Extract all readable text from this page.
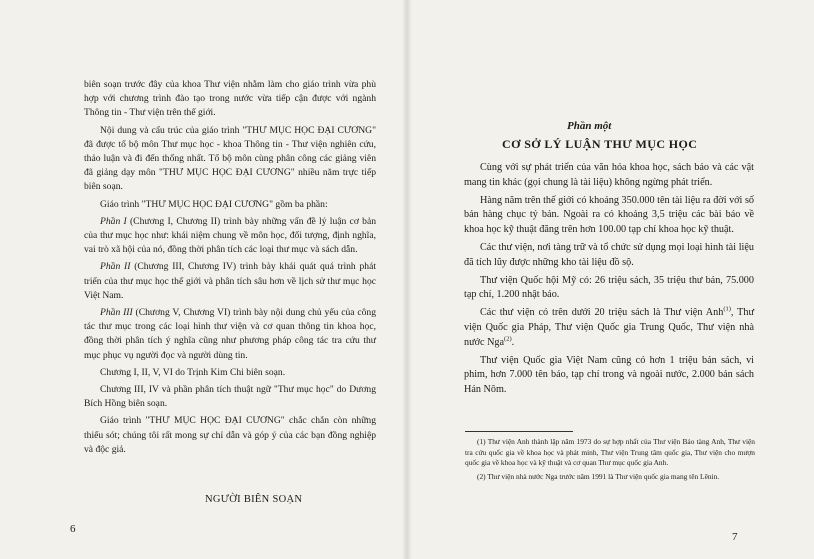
biên soạn trước đây của khoa Thư viện nhằm làm cho giáo trình vừa phù hợp với chương trình đào tạo trong nước vừa tiếp cận được với ngành Thông tin - Thư viện trên thế giới.

Nội dung và cấu trúc của giáo trình "THƯ MỤC HỌC ĐẠI CƯƠNG" đã được tổ bộ môn Thư mục học - khoa Thông tin - Thư viện nghiên cứu, thảo luận và đi đến thống nhất. Tổ bộ môn cùng phân công các giảng viên đã giảng dạy môn "THƯ MỤC HỌC ĐẠI CƯƠNG" nhiều năm trực tiếp biên soạn.

Giáo trình "THƯ MỤC HỌC ĐẠI CƯƠNG" gồm ba phần:

Phần I (Chương I, Chương II) trình bày những vấn đề lý luận cơ bản của thư mục học như: khái niệm chung về môn học, đối tượng, định nghĩa, vai trò xã hội của nó, đồng thời phân tích các loại thư mục và sách dẫn.

Phần II (Chương III, Chương IV) trình bày khái quát quá trình phát triển của thư mục học thế giới và phân tích sâu hơn về lịch sử thư mục học Việt Nam.

Phần III (Chương V, Chương VI) trình bày nội dung chủ yếu của công tác thư mục trong các loại hình thư viện và cơ quan thông tin khoa học, đồng thời phân tích ý nghĩa cũng như phương pháp công tác tra cứu thư mục phục vụ người đọc và người dùng tin.

Chương I, II, V, VI do Trịnh Kim Chi biên soạn.

Chương III, IV và phần phân tích thuật ngữ "Thư mục học" do Dương Bích Hồng biên soạn.

Giáo trình "THƯ MỤC HỌC ĐẠI CƯƠNG" chắc chắn còn những thiếu sót; chúng tôi rất mong sự chỉ dẫn và góp ý của các bạn đồng nghiệp và độc giả.

NGƯỜI BIÊN SOẠN
6
Phần một
CƠ SỞ LÝ LUẬN THƯ MỤC HỌC

Cùng với sự phát triển của văn hóa khoa học, sách báo và các vật mang tin khác (gọi chung là tài liệu) không ngừng phát triển.

Hàng năm trên thế giới có khoảng 350.000 tên tài liệu ra đời với số bản hàng chục tỷ bản. Ngoài ra có khoảng 3,5 triệu các bài báo về khoa học kỹ thuật đăng trên hơn 100.00 tạp chí khoa học kỹ thuật.

Các thư viện, nơi tàng trữ và tổ chức sử dụng mọi loại hình tài liệu đã tích lũy được những kho tài liệu đồ sộ.

Thư viện Quốc hội Mỹ có: 26 triệu sách, 35 triệu thư bản, 75.000 tạp chí, 1.200 nhật báo.

Các thư viện có trên dưới 20 triệu sách là Thư viện Anh$^{(1)}$, Thư viện Quốc gia Pháp, Thư viện Quốc gia Trung Quốc, Thư viện nhà nước Nga$^{(2)}$.

Thư viện Quốc gia Việt Nam cũng có hơn 1 triệu bản sách, vi phim, hơn 7.000 tên báo, tạp chí trong và ngoài nước, 2.000 bản sách Hán Nôm.

(1) Thư viện Anh thành lập năm 1973 do sự hợp nhất của Thư viện Bảo tàng Anh, Thư viện tra cứu quốc gia về khoa học và phát minh, Thư viện Trung tâm quốc gia, Thư viện cho mượn quốc gia về khoa học và kỹ thuật và cơ quan Thư mục quốc gia Anh.
(2) Thư viện nhà nước Nga trước năm 1991 là Thư viện quốc gia mang tên Lênin.
7
